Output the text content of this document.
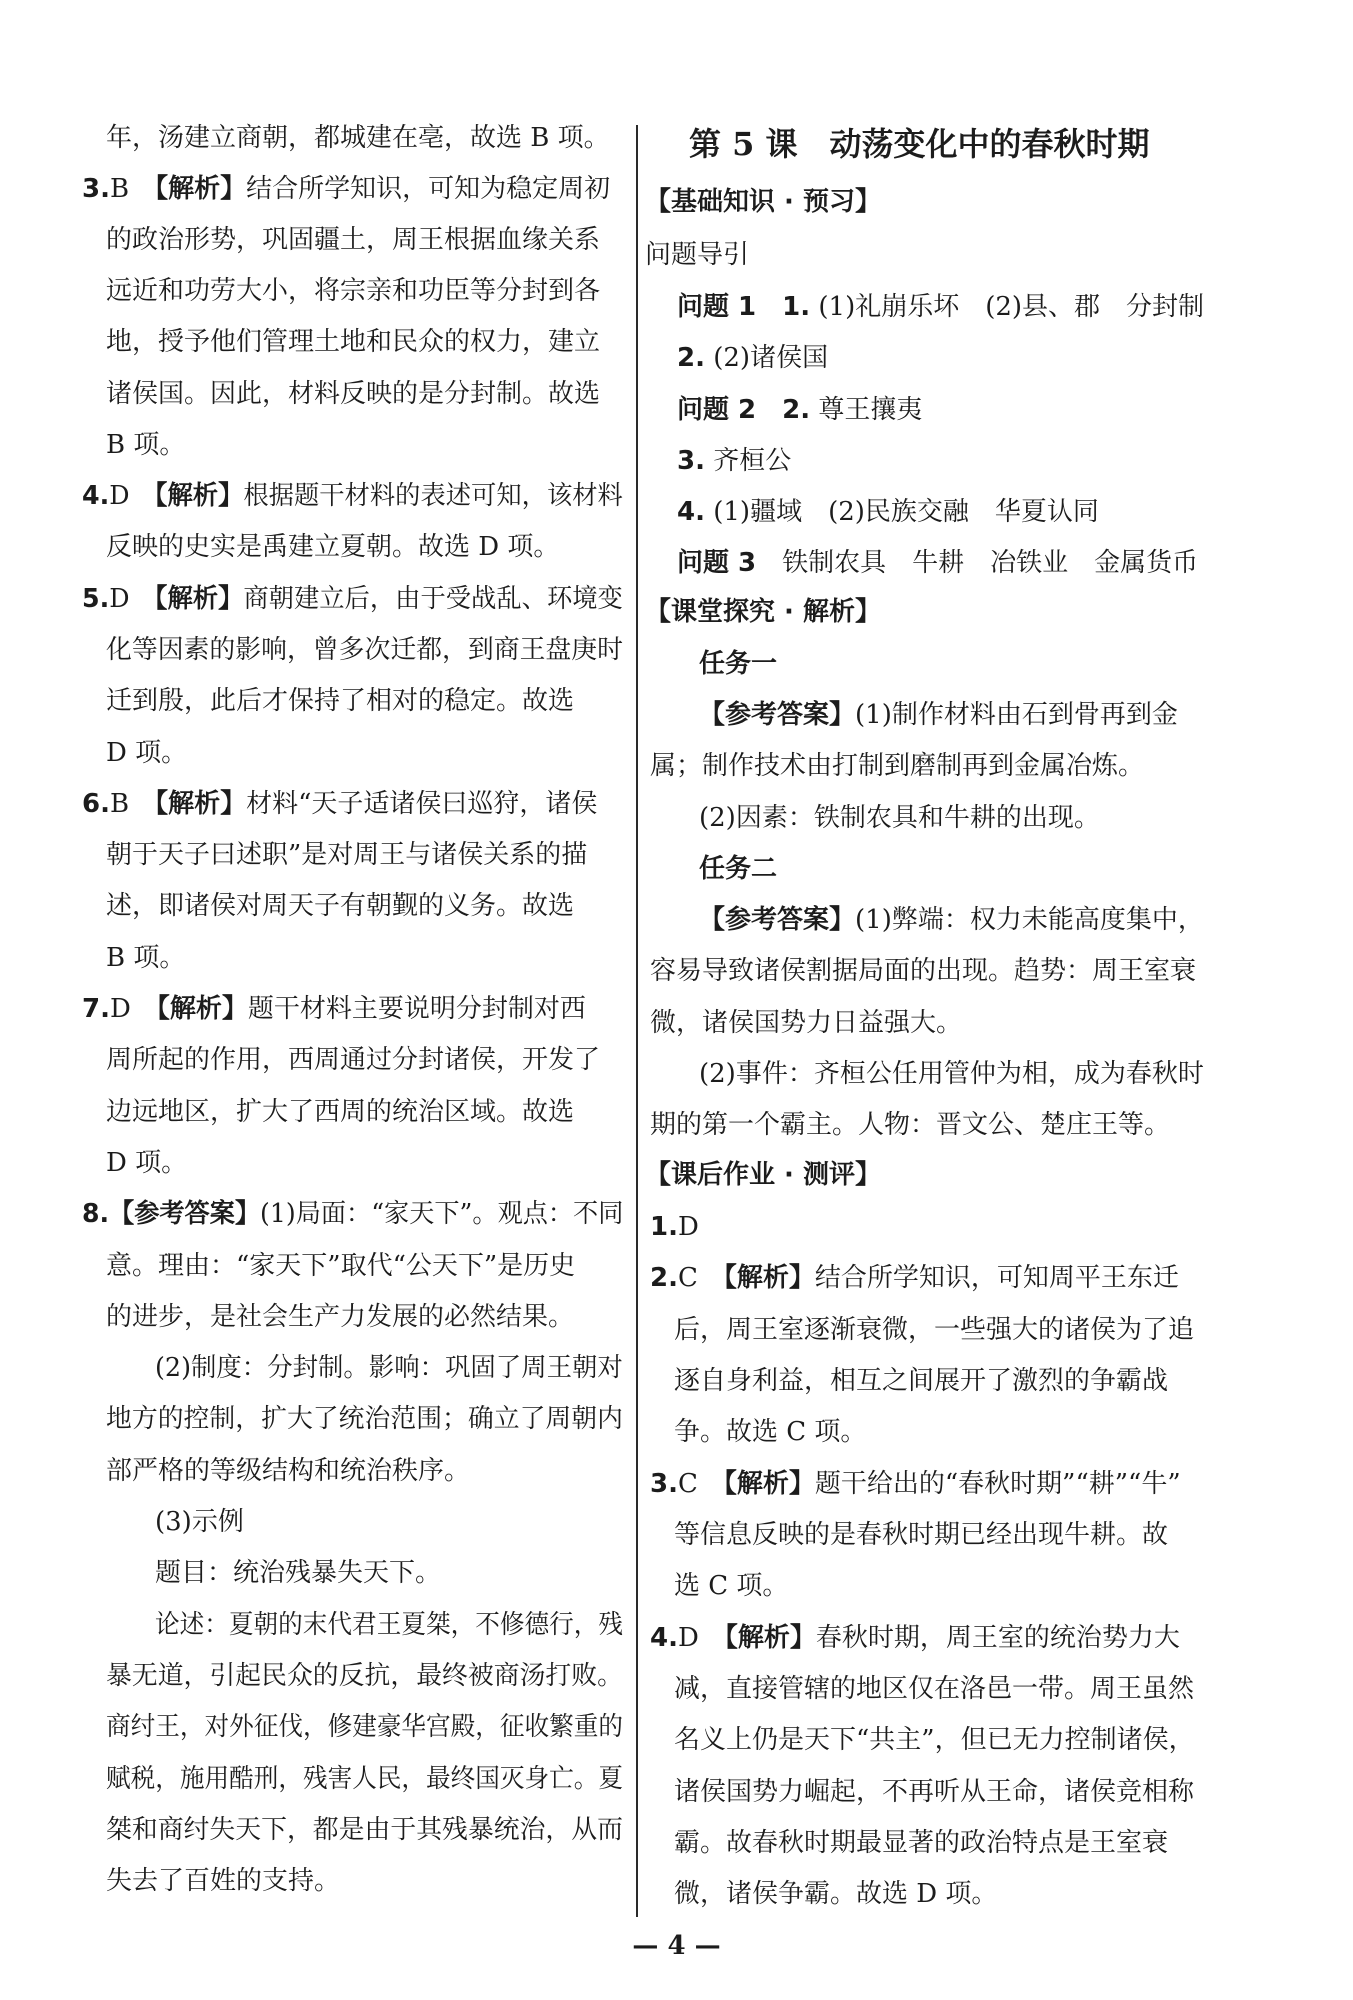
年，汤建立商朝，都城建在亳，故选 B 项。
3.B　【解析】结合所学知识，可知为稳定周初
的政治形势，巩固疆土，周王根据血缘关系
远近和功劳大小，将宗亲和功臣等分封到各
地，授予他们管理土地和民众的权力，建立
诸侯国。因此，材料反映的是分封制。故选
B 项。
4.D　【解析】根据题干材料的表述可知，该材料
反映的史实是禹建立夏朝。故选 D 项。
5.D　【解析】商朝建立后，由于受战乱、环境变
化等因素的影响，曾多次迁都，到商王盘庚时
迁到殷，此后才保持了相对的稳定。故选
D 项。
6.B　【解析】材料“天子适诸侯曰巡狩，诸侯
朝于天子曰述职”是对周王与诸侯关系的描
述，即诸侯对周天子有朝觐的义务。故选
B 项。
7.D　【解析】题干材料主要说明分封制对西
周所起的作用，西周通过分封诸侯，开发了
边远地区，扩大了西周的统治区域。故选
D 项。
8.【参考答案】(1)局面：“家天下”。观点：不同
意。理由：“家天下”取代“公天下”是历史
的进步，是社会生产力发展的必然结果。
(2)制度：分封制。影响：巩固了周王朝对
地方的控制，扩大了统治范围；确立了周朝内
部严格的等级结构和统治秩序。
(3)示例
题目：统治残暴失天下。
论述：夏朝的末代君王夏桀，不修德行，残
暴无道，引起民众的反抗，最终被商汤打败。
商纣王，对外征伐，修建豪华宫殿，征收繁重的
赋税，施用酷刑，残害人民，最终国灭身亡。夏
桀和商纣失天下，都是由于其残暴统治，从而
失去了百姓的支持。
第 5 课　动荡变化中的春秋时期
【基础知识 · 预习】
问题导引
问题 1　1. (1)礼崩乐坏　(2)县、郡　分封制
2. (2)诸侯国
问题 2　2. 尊王攘夷
3. 齐桓公
4. (1)疆域　(2)民族交融　华夏认同
问题 3　铁制农具　牛耕　冶铁业　金属货币
【课堂探究 · 解析】
任务一
【参考答案】(1)制作材料由石到骨再到金
属；制作技术由打制到磨制再到金属冶炼。
(2)因素：铁制农具和牛耕的出现。
任务二
【参考答案】(1)弊端：权力未能高度集中，
容易导致诸侯割据局面的出现。趋势：周王室衰
微，诸侯国势力日益强大。
(2)事件：齐桓公任用管仲为相，成为春秋时
期的第一个霸主。人物：晋文公、楚庄王等。
【课后作业 · 测评】
1.D
2.C　【解析】结合所学知识，可知周平王东迁
后，周王室逐渐衰微，一些强大的诸侯为了追
逐自身利益，相互之间展开了激烈的争霸战
争。故选 C 项。
3.C　【解析】题干给出的“春秋时期”“耕”“牛”
等信息反映的是春秋时期已经出现牛耕。故
选 C 项。
4.D　【解析】春秋时期，周王室的统治势力大
减，直接管辖的地区仅在洛邑一带。周王虽然
名义上仍是天下“共主”，但已无力控制诸侯，
诸侯国势力崛起，不再听从王命，诸侯竞相称
霸。故春秋时期最显著的政治特点是王室衰
微，诸侯争霸。故选 D 项。
— 4 —
